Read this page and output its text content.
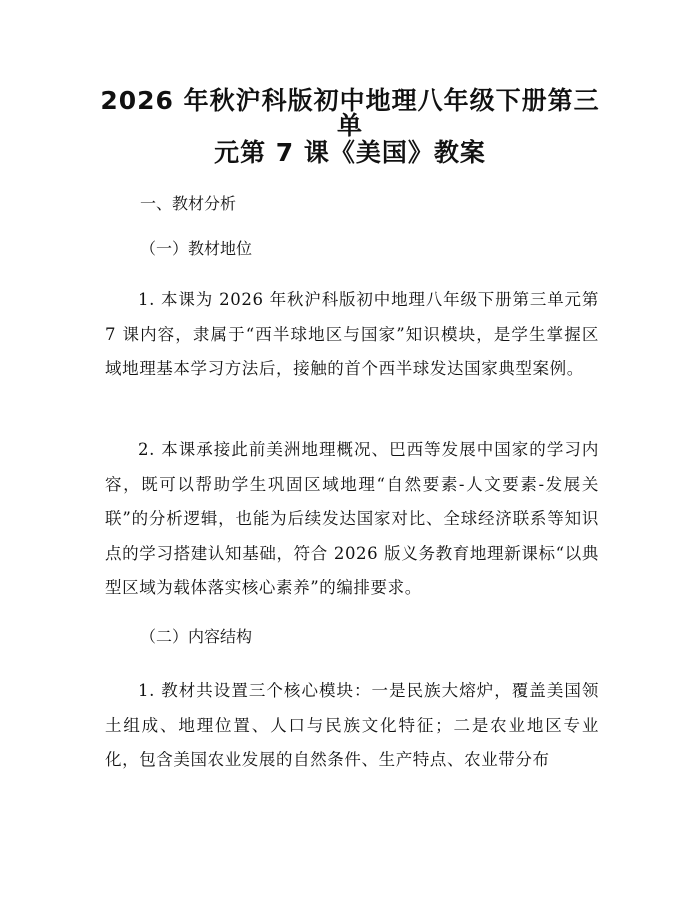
2026 年秋沪科版初中地理八年级下册第三单
元第 7 课《美国》教案
一、教材分析
（一）教材地位

1. 本课为 2026 年秋沪科版初中地理八年级下册第三单元第 7 课内容，隶属于“西半球地区与国家”知识模块，是学生掌握区域地理基本学习方法后，接触的首个西半球发达国家典型案例。

2. 本课承接此前美洲地理概况、巴西等发展中国家的学习内容，既可以帮助学生巩固区域地理“自然要素-人文要素-发展关联”的分析逻辑，也能为后续发达国家对比、全球经济联系等知识点的学习搭建认知基础，符合 2026 版义务教育地理新课标“以典型区域为载体落实核心素养”的编排要求。

（二）内容结构

1. 教材共设置三个核心模块：一是民族大熔炉，覆盖美国领土组成、地理位置、人口与民族文化特征；二是农业地区专业化，包含美国农业发展的自然条件、生产特点、农业带分布
